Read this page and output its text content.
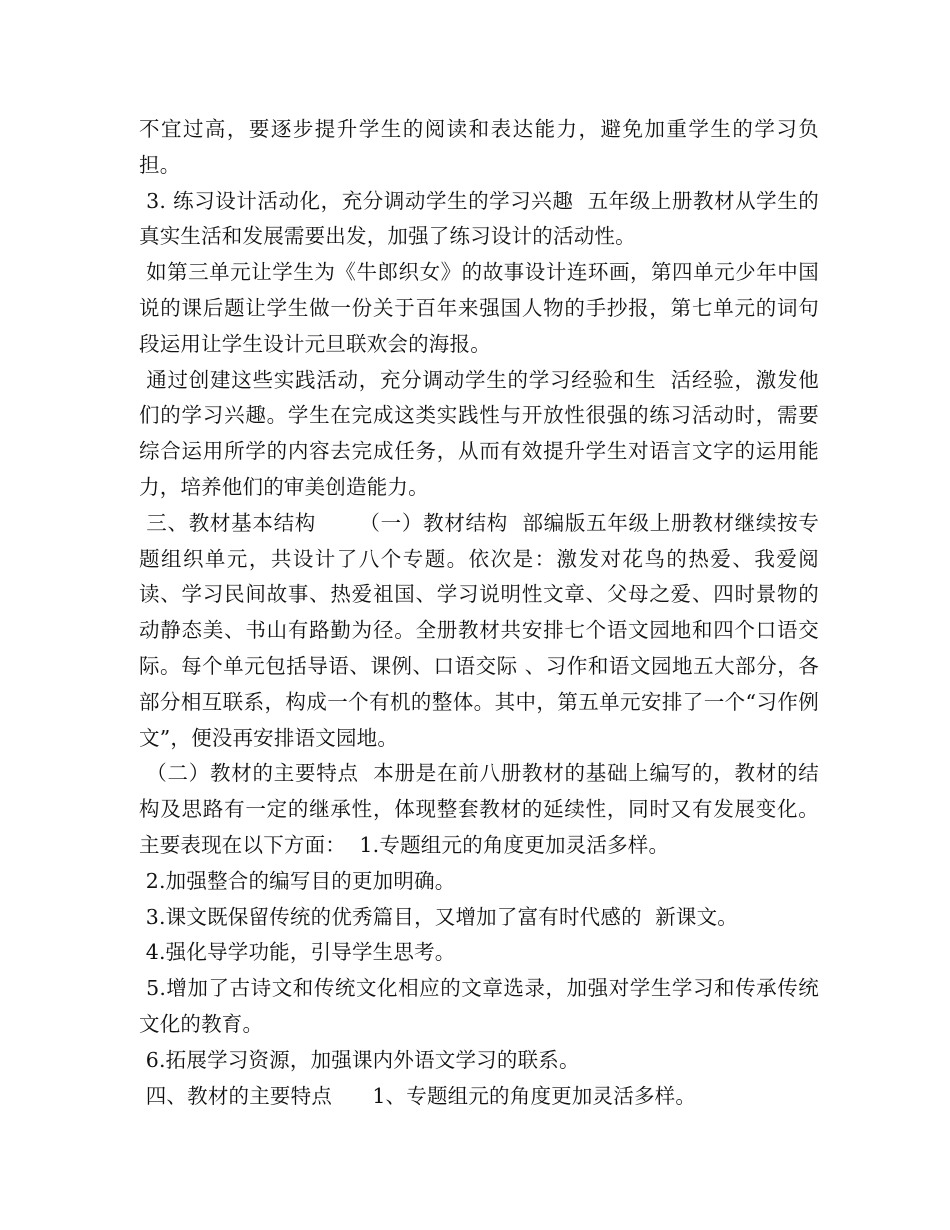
不宜过高，要逐步提升学生的阅读和表达能力，避免加重学生的学习负担。

3. 练习设计活动化，充分调动学生的学习兴趣  五年级上册教材从学生的真实生活和发展需要出发，加强了练习设计的活动性。

如第三单元让学生为《牛郎织女》的故事设计连环画，第四单元少年中国说的课后题让学生做一份关于百年来强国人物的手抄报，第七单元的词句段运用让学生设计元旦联欢会的海报。

通过创建这些实践活动，充分调动学生的学习经验和生  活经验，激发他们的学习兴趣。学生在完成这类实践性与开放性很强的练习活动时，需要综合运用所学的内容去完成任务，从而有效提升学生对语言文字的运用能力，培养他们的审美创造能力。

三、教材基本结构      （一）教材结构  部编版五年级上册教材继续按专题组织单元，共设计了八个专题。依次是：激发对花鸟的热爱、我爱阅读、学习民间故事、热爱祖国、学习说明性文章、父母之爱、四时景物的动静态美、书山有路勤为径。全册教材共安排七个语文园地和四个口语交际。每个单元包括导语、课例、口语交际 、习作和语文园地五大部分，各部分相互联系，构成一个有机的整体。其中，第五单元安排了一个“习作例文”，便没再安排语文园地。

（二）教材的主要特点  本册是在前八册教材的基础上编写的，教材的结构及思路有一定的继承性，体现整套教材的延续性，同时又有发展变化。主要表现在以下方面：  1.专题组元的角度更加灵活多样。

2.加强整合的编写目的更加明确。

3.课文既保留传统的优秀篇目，又增加了富有时代感的  新课文。

4.强化导学功能，引导学生思考。

5.增加了古诗文和传统文化相应的文章选录，加强对学生学习和传承传统文化的教育。

6.拓展学习资源，加强课内外语文学习的联系。

四、教材的主要特点      1、专题组元的角度更加灵活多样。
